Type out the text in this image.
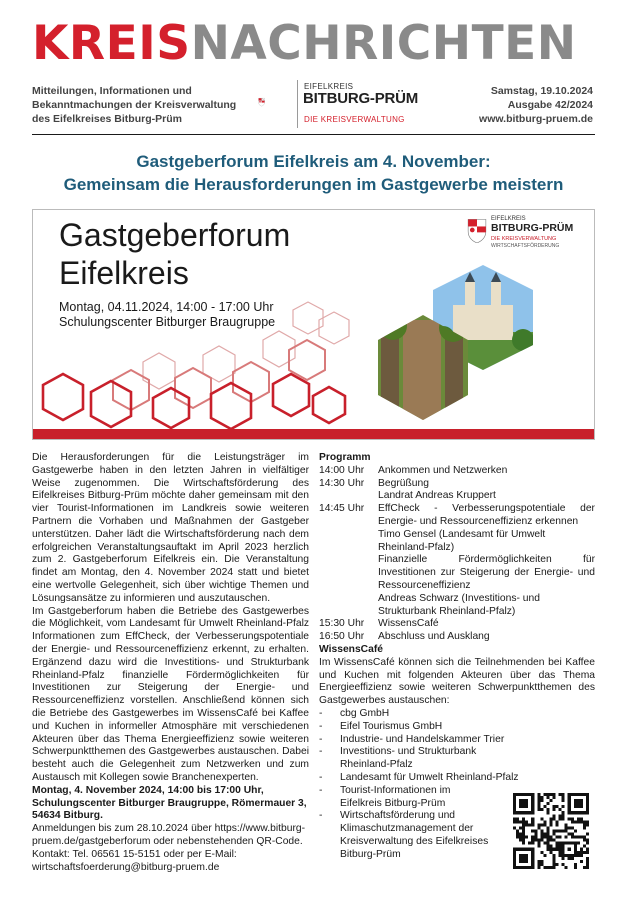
KREISNACHRICHTEN
Mitteilungen, Informationen und
Bekanntmachungen der Kreisverwaltung
des Eifelkreises Bitburg-Prüm
EIFELKREIS
BITBURG-PRÜM
DIE KREISVERWALTUNG
Samstag, 19.10.2024
Ausgabe 42/2024
www.bitburg-pruem.de
Gastgeberforum Eifelkreis am 4. November:
Gemeinsam die Herausforderungen im Gastgewerbe meistern
Gastgeberforum
Eifelkreis
Montag, 04.11.2024, 14:00 - 17:00 Uhr
Schulungscenter Bitburger Braugruppe
EIFELKREIS
BITBURG-PRÜM
DIE KREISVERWALTUNG
WIRTSCHAFTSFÖRDERUNG

Die Herausforderungen für die Leistungsträger im Gastgewerbe haben in den letzten Jahren in vielfältiger Weise zugenommen. Die Wirtschaftsförderung des Eifelkreises Bitburg-Prüm möchte daher gemeinsam mit den vier Tourist-Informationen im Landkreis sowie weiteren Partnern die Vorhaben und Maßnahmen der Gastgeber unterstützen. Daher lädt die Wirtschaftsförderung nach dem erfolgreichen Veranstaltungsauftakt im April 2023 herzlich zum 2. Gastgeberforum Eifelkreis ein. Die Veranstaltung findet am Montag, den 4. November 2024 statt und bietet eine wertvolle Gelegenheit, sich über wichtige Themen und Lösungsansätze zu informieren und auszutauschen.

Im Gastgeberforum haben die Betriebe des Gastgewerbes die Möglichkeit, vom Landesamt für Umwelt Rheinland-Pfalz Informationen zum EffCheck, der Verbesserungspotentiale der Energie- und Ressourceneffizienz erkennt, zu erhalten. Ergänzend dazu wird die Investitions- und Strukturbank Rheinland-Pfalz finanzielle Fördermöglichkeiten für Investitionen zur Steigerung der Energie- und Ressourceneffizienz vorstellen. Anschließend können sich die Betriebe des Gastgewerbes im WissensCafé bei Kaffee und Kuchen in informeller Atmosphäre mit verschiedenen Akteuren über das Thema Energieeffizienz sowie weiteren Schwerpunktthemen des Gastgewerbes austauschen. Dabei besteht auch die Gelegenheit zum Netzwerken und zum Austausch mit Kollegen sowie Branchenexperten.

Montag, 4. November 2024, 14:00 bis 17:00 Uhr, Schulungscenter Bitburger Braugruppe, Römermauer 3, 54634 Bitburg.

Anmeldungen bis zum 28.10.2024 über https://www.bitburg-pruem.de/gastgeberforum oder nebenstehenden QR-Code. Kontakt: Tel. 06561 15-5151 oder per E-Mail: wirtschaftsfoerderung@bitburg-pruem.de

Programm
14:00 Uhr	Ankommen und Netzwerken
14:30 Uhr	Begrüßung
Landrat Andreas Kruppert
14:45 Uhr	EffCheck - Verbesserungspotentiale der Energie- und Ressourceneffizienz erkennen
Timo Gensel (Landesamt für Umwelt Rheinland-Pfalz)
Finanzielle Fördermöglichkeiten für Investitionen zur Steigerung der Energie- und Ressourceneffizienz
Andreas Schwarz (Investitions- und Strukturbank Rheinland-Pfalz)
15:30 Uhr	WissensCafé
16:50 Uhr	Abschluss und Ausklang
WissensCafé

Im WissensCafé können sich die Teilnehmenden bei Kaffee und Kuchen mit folgenden Akteuren über das Thema Energieeffizienz sowie weiteren Schwerpunktthemen des Gastgewerbes austauschen:

-	cbg GmbH
-	Eifel Tourismus GmbH
-	Industrie- und Handelskammer Trier
-	Investitions- und Strukturbank Rheinland-Pfalz
-	Landesamt für Umwelt Rheinland-Pfalz
-	Tourist-Informationen im Eifelkreis Bitburg-Prüm
-	Wirtschaftsförderung und Klimaschutzmanagement der Kreisverwaltung des Eifelkreises Bitburg-Prüm
